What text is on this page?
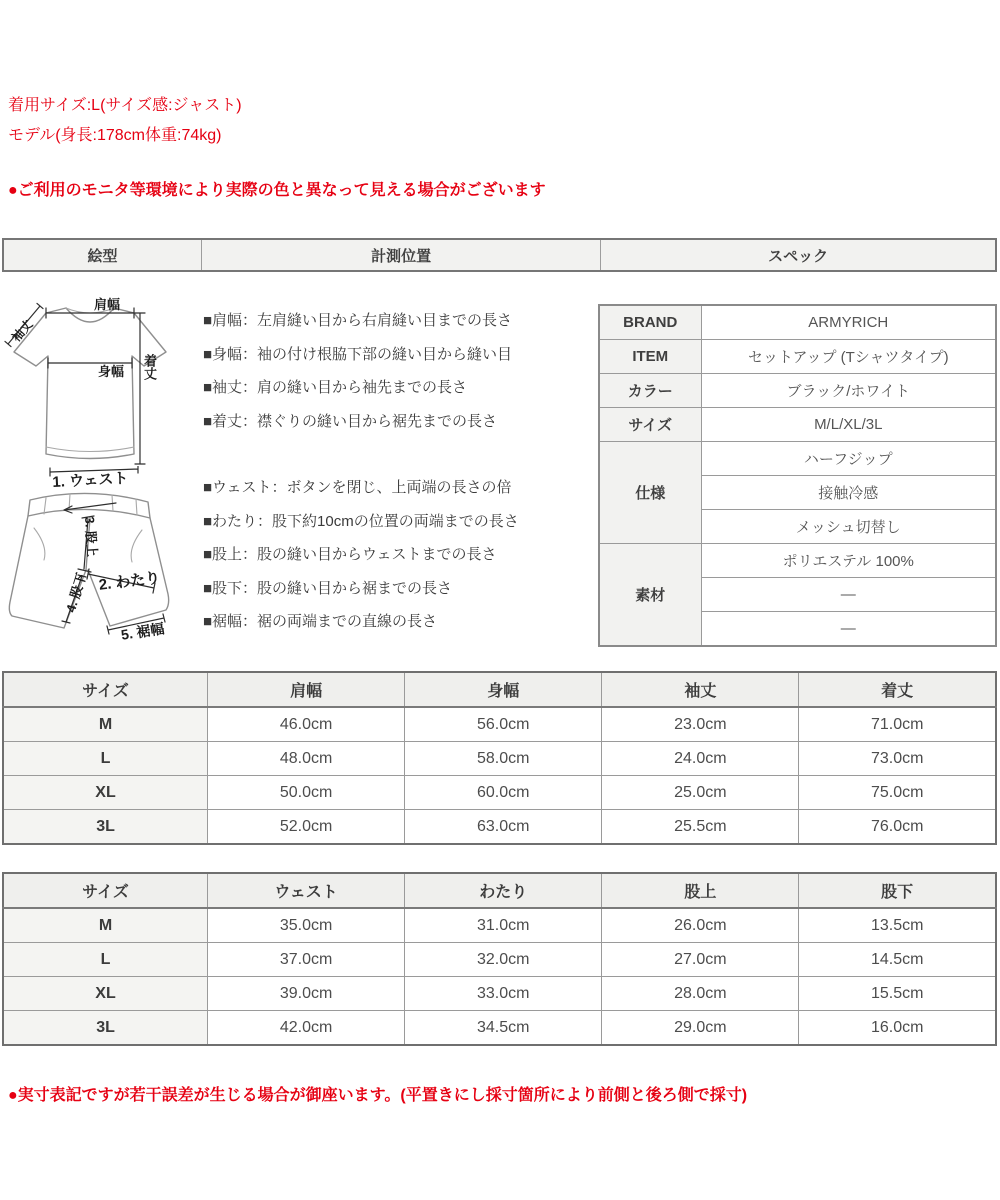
着用サイズ:L(サイズ感:ジャスト)
モデル(身長:178cm体重:74kg)
●ご利用のモニタ等環境により実際の色と異なって見える場合がございます
絵型	計測位置	スペック
肩幅
袖丈
身幅 着丈
1. ウェスト
3. 股上
2. わたり
4. 股下
5. 裾幅
■肩幅：左肩縫い目から右肩縫い目までの長さ
■身幅：袖の付け根脇下部の縫い目から縫い目
■袖丈：肩の縫い目から袖先までの長さ
■着丈：襟ぐりの縫い目から裾先までの長さ
■ウェスト：ボタンを閉じ、上両端の長さの倍
■わたり：股下約10cmの位置の両端までの長さ
■股上：股の縫い目からウェストまでの長さ
■股下：股の縫い目から裾までの長さ
■裾幅：裾の両端までの直線の長さ
BRAND	ARMYRICH
ITEM	セットアップ (Tシャツタイプ)
カラー	ブラック/ホワイト
サイズ	M/L/XL/3L
仕様	ハーフジップ
	接触冷感
	メッシュ切替し
素材	ポリエステル 100%
	―
	―
サイズ	肩幅	身幅	袖丈	着丈
M	46.0cm	56.0cm	23.0cm	71.0cm
L	48.0cm	58.0cm	24.0cm	73.0cm
XL	50.0cm	60.0cm	25.0cm	75.0cm
3L	52.0cm	63.0cm	25.5cm	76.0cm
サイズ	ウェスト	わたり	股上	股下
M	35.0cm	31.0cm	26.0cm	13.5cm
L	37.0cm	32.0cm	27.0cm	14.5cm
XL	39.0cm	33.0cm	28.0cm	15.5cm
3L	42.0cm	34.5cm	29.0cm	16.0cm
●実寸表記ですが若干誤差が生じる場合が御座います。(平置きにし採寸箇所により前側と後ろ側で採寸)
